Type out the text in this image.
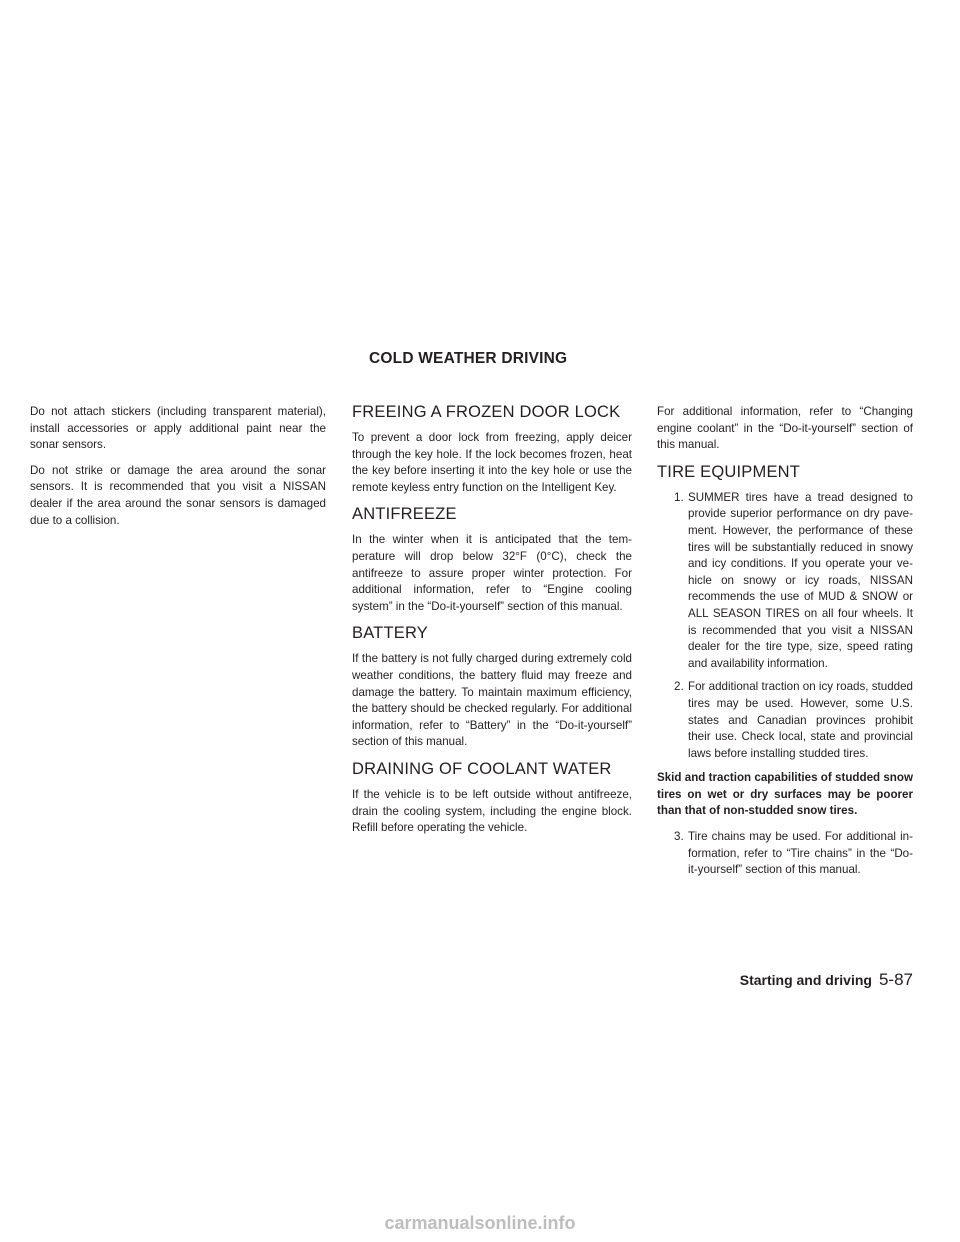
COLD WEATHER DRIVING

Do not attach stickers (including transparent material), install accessories or apply additional paint near the sonar sensors.

Do not strike or damage the area around the sonar sensors. It is recommended that you visit a NISSAN dealer if the area around the sonar sensors is damaged due to a collision.

FREEING A FROZEN DOOR LOCK

To prevent a door lock from freezing, apply deicer through the key hole. If the lock becomes frozen, heat the key before inserting it into the key hole or use the remote keyless entry function on the Intelligent Key.

ANTIFREEZE

In the winter when it is anticipated that the temperature will drop below 32°F (0°C), check the antifreeze to assure proper winter protection. For additional information, refer to “Engine cooling system” in the “Do-it-yourself” section of this manual.

BATTERY

If the battery is not fully charged during extremely cold weather conditions, the battery fluid may freeze and damage the battery. To maintain maximum efficiency, the battery should be checked regularly. For additional information, refer to “Battery” in the “Do-it-yourself” section of this manual.

DRAINING OF COOLANT WATER

If the vehicle is to be left outside without antifreeze, drain the cooling system, including the engine block. Refill before operating the vehicle.

For additional information, refer to “Changing engine coolant” in the “Do-it-yourself” section of this manual.

TIRE EQUIPMENT
1. SUMMER tires have a tread designed to provide superior performance on dry pavement. However, the performance of these tires will be substantially reduced in snowy and icy conditions. If you operate your vehicle on snowy or icy roads, NISSAN recommends the use of MUD & SNOW or ALL SEASON TIRES on all four wheels. It is recommended that you visit a NISSAN dealer for the tire type, size, speed rating and availability information.
2. For additional traction on icy roads, studded tires may be used. However, some U.S. states and Canadian provinces prohibit their use. Check local, state and provincial laws before installing studded tires.

Skid and traction capabilities of studded snow tires on wet or dry surfaces may be poorer than that of non-studded snow tires.

3. Tire chains may be used. For additional information, refer to “Tire chains” in the “Do-it-yourself” section of this manual.
Starting and driving 5-87
carmanualsonline.info
